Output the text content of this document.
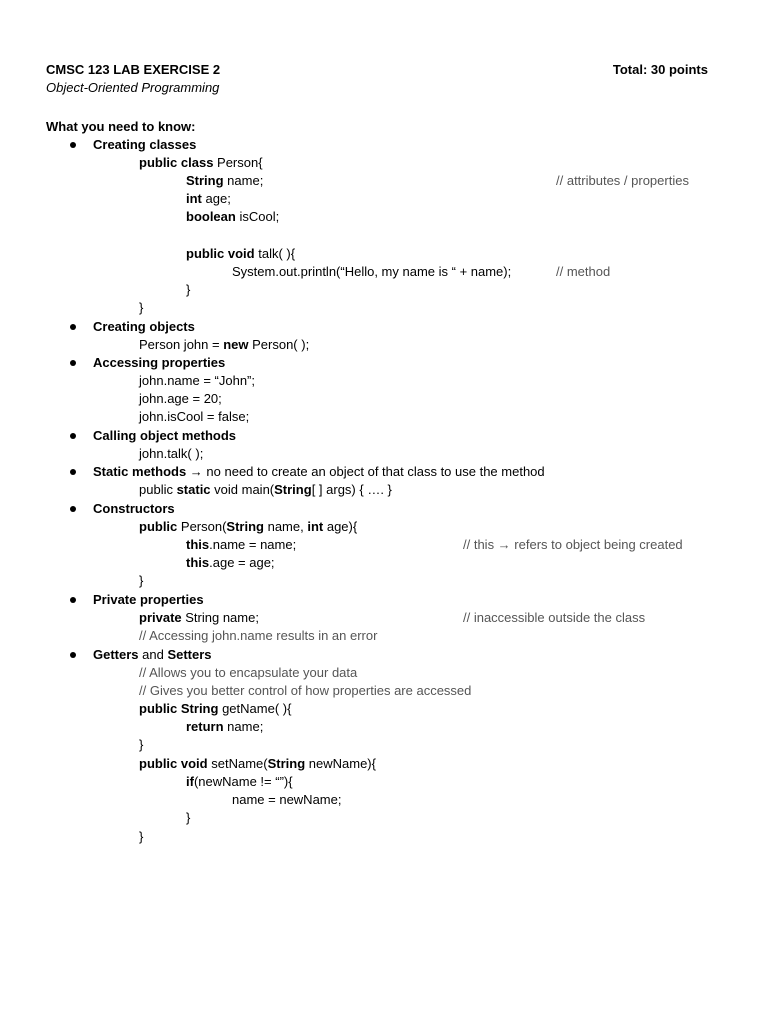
CMSC 123 LAB EXERCISE 2	Total: 30 points
Object-Oriented Programming
What you need to know:
Creating classes
public class Person{
String name;	// attributes / properties
int age;
boolean isCool;
public void talk( ){
System.out.println(“Hello, my name is “ + name);	// method
}
}
Creating objects
Person john = new Person( );
Accessing properties
john.name = “John”;
john.age = 20;
john.isCool = false;
Calling object methods
john.talk( );
Static methods → no need to create an object of that class to use the method
public static void main(String[ ] args) { …. }
Constructors
public Person(String name, int age){
this.name = name;	// this → refers to object being created
this.age = age;
}
Private properties
private String name;	// inaccessible outside the class
// Accessing john.name results in an error
Getters and Setters
// Allows you to encapsulate your data
// Gives you better control of how properties are accessed
public String getName( ){
return name;
}
public void setName(String newName){
if(newName != “”){
name = newName;
}
}
